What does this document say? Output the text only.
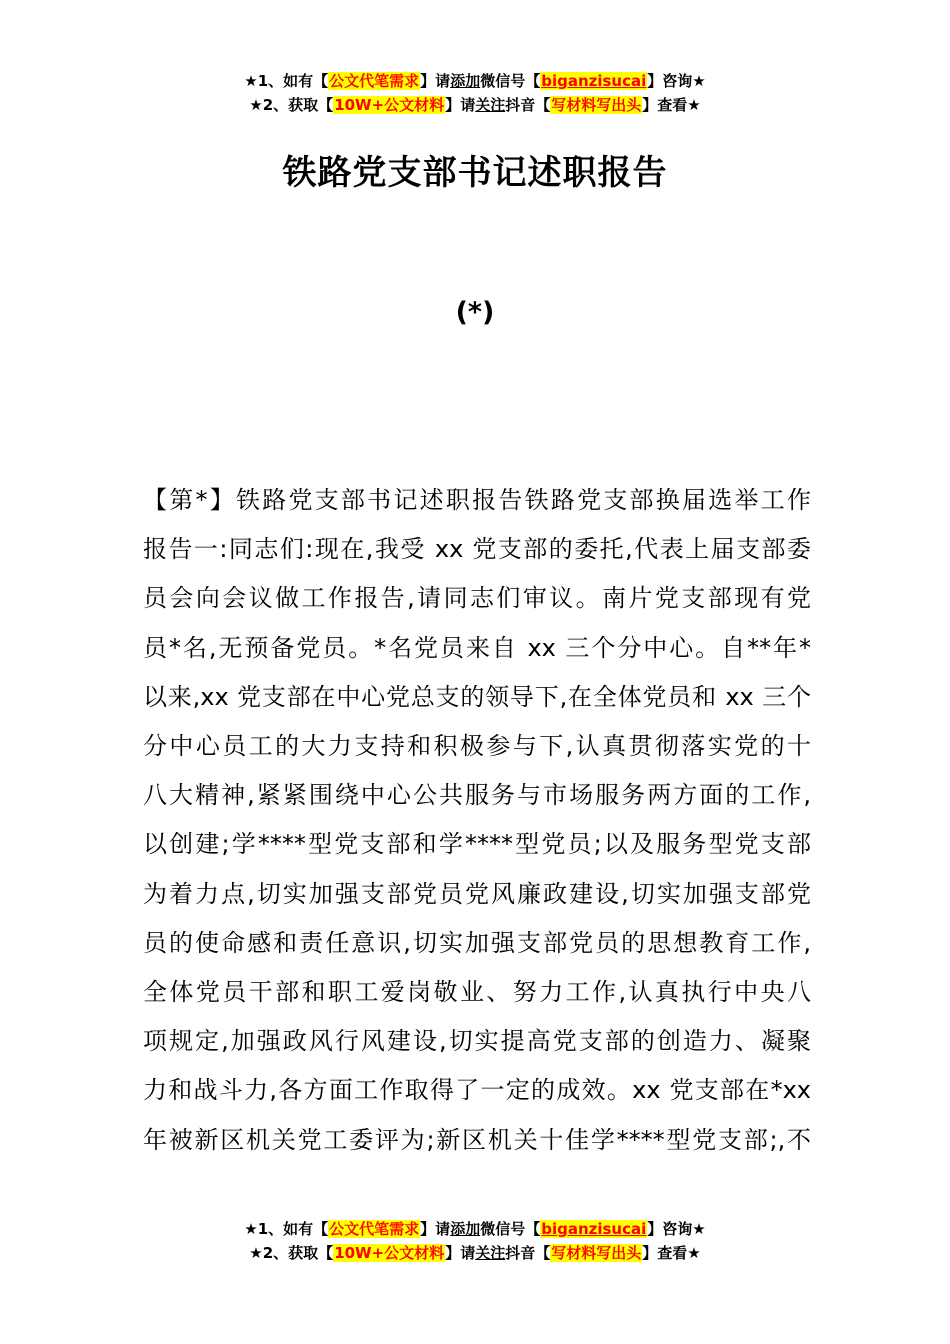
★1、如有【公文代笔需求】请添加微信号【biganzisucai】咨询★
★2、获取【10W+公文材料】请关注抖音【写材料写出头】查看★
铁路党支部书记述职报告
(*)
【第*】铁路党支部书记述职报告铁路党支部换届选举工作
报告一:同志们:现在,我受 xx 党支部的委托,代表上届支部委
员会向会议做工作报告,请同志们审议。南片党支部现有党
员*名,无预备党员。*名党员来自 xx 三个分中心。自**年*
以来,xx 党支部在中心党总支的领导下,在全体党员和 xx 三个
分中心员工的大力支持和积极参与下,认真贯彻落实党的十
八大精神,紧紧围绕中心公共服务与市场服务两方面的工作,
以创建;学****型党支部和学****型党员;以及服务型党支部
为着力点,切实加强支部党员党风廉政建设,切实加强支部党
员的使命感和责任意识,切实加强支部党员的思想教育工作,
全体党员干部和职工爱岗敬业、努力工作,认真执行中央八
项规定,加强政风行风建设,切实提高党支部的创造力、凝聚
力和战斗力,各方面工作取得了一定的成效。xx 党支部在*xx
年被新区机关党工委评为;新区机关十佳学****型党支部;,不
★1、如有【公文代笔需求】请添加微信号【biganzisucai】咨询★
★2、获取【10W+公文材料】请关注抖音【写材料写出头】查看★
